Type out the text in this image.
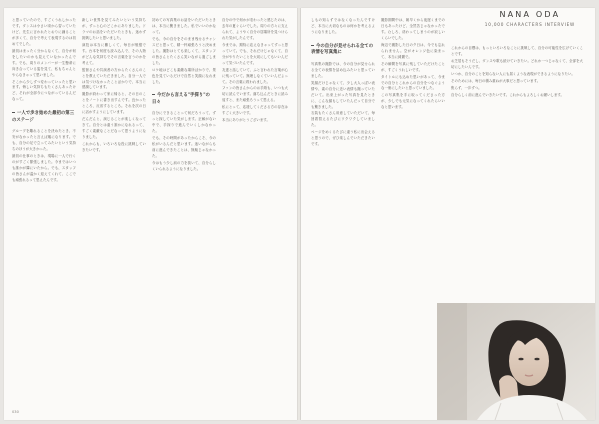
と思っていたので、すごくうれしかったです。ダンスは小さい頃から習っていたけど、先生に言われたとおりに踊ることが多くて、自分で考えて表現するのは初めてでした。

最初はまったく分からなくて、自分が何をしたいのかも見えていなかったんです。でも、周りのメンバーが一生懸命に向き合っている姿を見て、私もちゃんとやらなきゃって思いました。

そこから少しずつ変わっていったと思います。悔しい気持ちもたくさんあったけど、それが全部今につながっているんだなって。

一人で歩き始めた最初の第三のステージ

グループを離れることを決めたとき、不安がなかったと言えば嘘になります。でも、自分の足で立ってみたいという気持ちのほうが大きかった。

最初の仕事のときは、現場に一人で行くのがすごく緊張しました。今まではいつも誰かが隣にいたから。でも、スタッフの皆さんが温かく迎えてくれて、ここでも頑張れるって思えたんです。

新しい世界を見てみたいという気持ちが、ずっと心のどこかにありました。ドラマのお話をいただいたときも、迷わず挑戦したいと思いました。

演技は本当に難しくて、毎日が勉強です。台本を何度も読み込んで、その人物がどんな気持ちでその言葉を言うのかを考えて。

監督さんや共演者の方からたくさんのことを教えていただきました。自分一人では気づけなかったことばかりで、本当に感謝しています。

撮影が終わって家に帰ると、その日のことをノートに書き出すんです。良かったところ、反省するところ。それを次の日に活かすようにしています。

だんだんと、演じることが楽しくなってきて。自分とは違う誰かになれるって、すごく素敵なことだなって思うようになりました。

これからも、いろいろな役に挑戦していきたいです。

初めての写真集のお話をいただいたときは、本当に驚きました。私でいいのかなって。

でも、今の自分をそのまま残せるチャンスだと思って、精一杯頑張ろうと決めました。撮影はとても楽しくて、スタッフの皆さんとたくさん笑いながら過ごしました。

ロケ地はどこも素敵な場所ばかりで、景色を見ているだけで自然と笑顔になれました。

今だから言える"手探り"の日々

自分にできることって何だろうって、ずっと探していた気がします。正解がない中で、手探りで進んでいくしかなかった。

でも、その時間があったからこそ、今の私がいるんだと思います。迷いながらも前に進んできたことは、無駄じゃなかった。

今はもう少し肩の力を抜いて、自分らしくいられるようになりました。

自分の中で何かが変わったと感じたのは、去年の夏ぐらいでした。周りの方々に支えられて、ようやく自分の居場所を見つけられた気がしたんです。

今までは、期待に応えなきゃってずっと思っていて。でも、それだけじゃなくて、自分がやりたいことを大切にしてもいいんだって気づいたんです。

友達と話していて、ふと言われた言葉が心に残っていて。無理しなくていいんだよって。その言葉に救われました。

ファンの皆さんからのお手紙も、いつも大切に読んでいます。落ち込んだときに読み返すと、また頑張ろうって思える。

私にとって、応援してくださる方の存在はすごく大きいです。

本当にありがとうございます。

030

しもの知らずではなくなったんですけど、本当に大切なものは何かを考えるようになりました。

今の自分が見せられる全ての表情を写真集に

写真集の撮影では、今の自分が見せられる全ての表情を詰め込みたいと思っていました。

笑顔だけじゃなくて、少し大人っぽい表情や、素の自分に近い表情も撮っていただいて。出来上がった写真を見たときに、こんな顔もしていたんだって自分でも驚きました。

衣装もたくさん用意していただいて、毎回着替えるたびにワクワクしていました。

ページをめくるたびに違う私に出会えると思うので、ぜひ楽しんでいただきたいです。

撮影期間中は、朝早くから夜遅くまでの日もあったけど、全然苦じゃなかったです。むしろ、終わってしまうのが寂しいくらいでした。

海辺で撮影した日の夕日は、今でも忘れられません。空がオレンジ色に染まって、本当に綺麗で。

その瞬間を写真に残していただけたことが、すごくうれしいです。

タイトルにも込めた思いがあって、今までの自分とこれからの自分をつなぐような一冊にしたいと思っていました。

この写真集を手に取ってくださった方が、少しでも元気になってくれたらいいなと思います。

これからの目標は、もっといろいろなことに挑戦して、自分の可能性を広げていくことです。

お芝居もそうだし、ダンスや歌も続けていきたい。どれか一つじゃなくて、全部を大切にしたいんです。

いつか、自分のことを知らない人にも届くような表現ができるようになりたい。

そのためには、毎日の積み重ねが大事だと思っています。

焦らず、一歩ずつ。

自分らしく前に進んでいきたいです。これからもよろしくお願いします。

NANA ODA
10,000 CHARACTERS INTERVIEW
